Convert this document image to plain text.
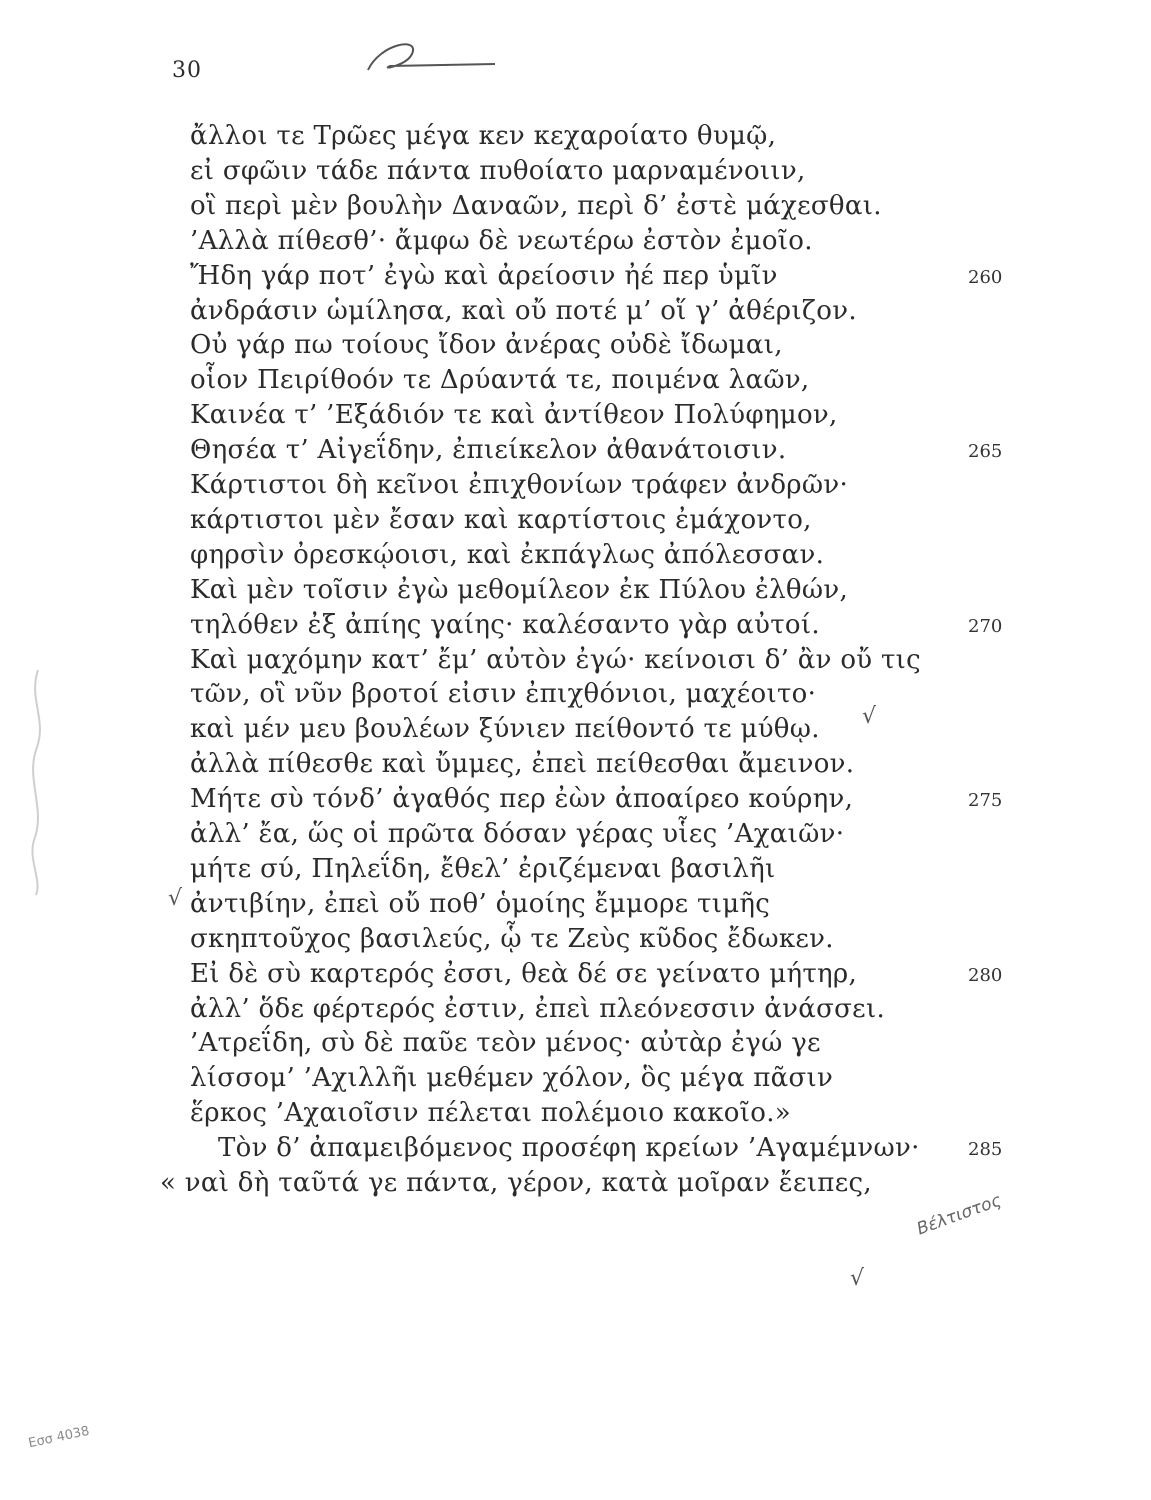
30
ἄλλοι τε Τρῶες μέγα κεν κεχαροίατο θυμῷ,
εἰ σφῶιν τάδε πάντα πυθοίατο μαρναμένοιιν,
οἳ περὶ μὲν βουλὴν Δαναῶν, περὶ δ’ ἐστὲ μάχεσθαι.
’Αλλὰ πίθεσθ’· ἄμφω δὲ νεωτέρω ἐστὸν ἐμοῖο.
Ἤδη γάρ ποτ’ ἐγὼ καὶ ἀρείοσιν ἠέ περ ὑμῖν	260
ἀνδράσιν ὡμίλησα, καὶ οὔ ποτέ μ’ οἵ γ’ ἀθέριζον.
Οὐ γάρ πω τοίους ἴδον ἀνέρας οὐδὲ ἴδωμαι,
οἷον Πειρίθοόν τε Δρύαντά τε, ποιμένα λαῶν,
Καινέα τ’ ’Εξάδιόν τε καὶ ἀντίθεον Πολύφημον,
Θησέα τ’ Αἰγεΐδην, ἐπιείκελον ἀθανάτοισιν.	265
Κάρτιστοι δὴ κεῖνοι ἐπιχθονίων τράφεν ἀνδρῶν·
κάρτιστοι μὲν ἔσαν καὶ καρτίστοις ἐμάχοντο,
φηρσὶν ὀρεσκῴοισι, καὶ ἐκπάγλως ἀπόλεσσαν.
Καὶ μὲν τοῖσιν ἐγὼ μεθομίλεον ἐκ Πύλου ἐλθών,
τηλόθεν ἐξ ἀπίης γαίης· καλέσαντο γὰρ αὐτοί.	270
Καὶ μαχόμην κατ’ ἔμ’ αὐτὸν ἐγώ· κείνοισι δ’ ἂν οὔ τις
τῶν, οἳ νῦν βροτοί εἰσιν ἐπιχθόνιοι, μαχέοιτο·
καὶ μέν μευ βουλέων ξύνιεν πείθοντό τε μύθῳ.
ἀλλὰ πίθεσθε καὶ ὔμμες, ἐπεὶ πείθεσθαι ἄμεινον.
Μήτε σὺ τόνδ’ ἀγαθός περ ἐὼν ἀποαίρεο κούρην,	275
ἀλλ’ ἔα, ὥς οἱ πρῶτα δόσαν γέρας υἷες ’Αχαιῶν·
μήτε σύ, Πηλεΐδη, ἔθελ’ ἐριζέμεναι βασιλῆι
ἀντιβίην, ἐπεὶ οὔ ποθ’ ὁμοίης ἔμμορε τιμῆς
σκηπτοῦχος βασιλεύς, ᾧ τε Ζεὺς κῦδος ἔδωκεν.
Εἰ δὲ σὺ καρτερός ἐσσι, θεὰ δέ σε γείνατο μήτηρ,	280
ἀλλ’ ὅδε φέρτερός ἐστιν, ἐπεὶ πλεόνεσσιν ἀνάσσει.
’Ατρεΐδη, σὺ δὲ παῦε τεὸν μένος· αὐτὰρ ἐγώ γε
λίσσομ’ ’Αχιλλῆι μεθέμεν χόλον, ὃς μέγα πᾶσιν
ἕρκος ’Αχαιοῖσιν πέλεται πολέμοιο κακοῖο.»
Τὸν δ’ ἀπαμειβόμενος προσέφη κρείων ’Αγαμέμνων·	285
« ναὶ δὴ ταῦτά γε πάντα, γέρον, κατὰ μοῖραν ἔειπες,
Βέλτιστος
Εσσ 4038
√
√
√
